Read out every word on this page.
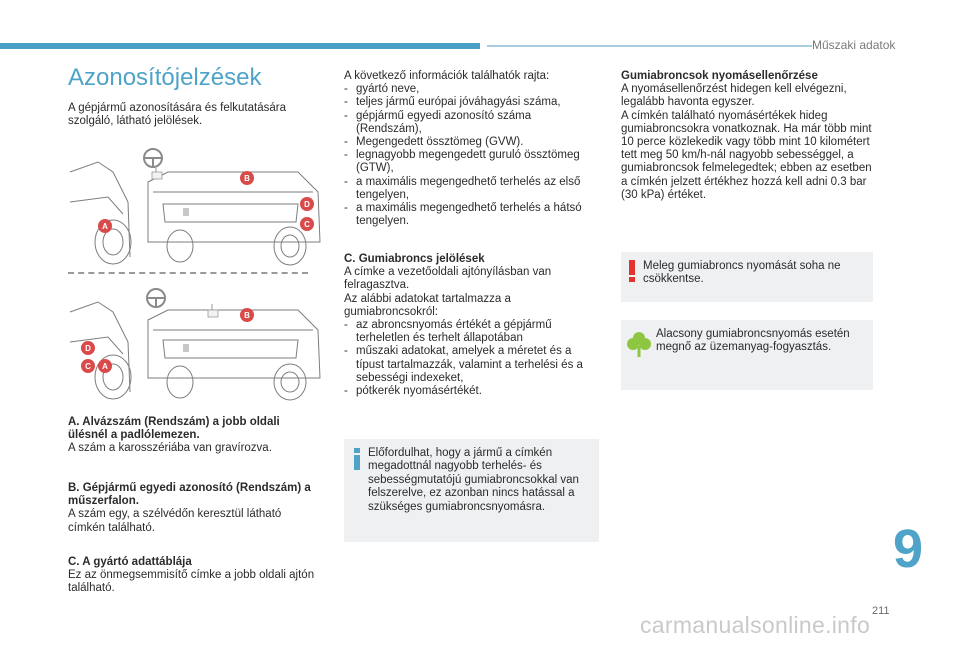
Műszaki adatok
Azonosítójelzések
A gépjármű azonosítására és felkutatására szolgáló, látható jelölések.
B
D
C
A
B
D
C A
A. Alvázszám (Rendszám) a jobb oldali ülésnél a padlólemezen.
A szám a karosszériába van gravírozva.
B. Gépjármű egyedi azonosító (Rendszám) a műszerfalon.
A szám egy, a szélvédőn keresztül látható címkén található.
C. A gyártó adattáblája
Ez az önmegsemmisítő címke a jobb oldali ajtón található.
A következő információk találhatók rajta:
- gyártó neve,
- teljes jármű európai jóváhagyási száma,
- gépjármű egyedi azonosító száma (Rendszám),
- Megengedett össztömeg (GVW).
- legnagyobb megengedett guruló össztömeg (GTW),
- a maximális megengedhető terhelés az első tengelyen,
- a maximális megengedhető terhelés a hátsó tengelyen.
C. Gumiabroncs jelölések
A címke a vezetőoldali ajtónyílásban van felragasztva.
Az alábbi adatokat tartalmazza a gumiabroncsokról:
- az abroncsnyomás értékét a gépjármű terheletlen és terhelt állapotában
- műszaki adatokat, amelyek a méretet és a típust tartalmazzák, valamint a terhelési és a sebességi indexeket,
- pótkerék nyomásértékét.
Előfordulhat, hogy a jármű a címkén megadottnál nagyobb terhelés- és sebességmutatójú gumiabroncsokkal van felszerelve, ez azonban nincs hatással a szükséges gumiabroncsnyomásra.
Gumiabroncsok nyomásellenőrzése
A nyomásellenőrzést hidegen kell elvégezni, legalább havonta egyszer.
A címkén található nyomásértékek hideg gumiabroncsokra vonatkoznak. Ha már több mint 10 perce közlekedik vagy több mint 10 kilométert tett meg 50 km/h-nál nagyobb sebességgel, a gumiabroncsok felmelegedtek; ebben az esetben a címkén jelzett értékhez hozzá kell adni 0.3 bar (30 kPa) értéket.
Meleg gumiabroncs nyomását soha ne csökkentse.
Alacsony gumiabroncsnyomás esetén megnő az üzemanyag-fogyasztás.
9
211
carmanualsonline.info
